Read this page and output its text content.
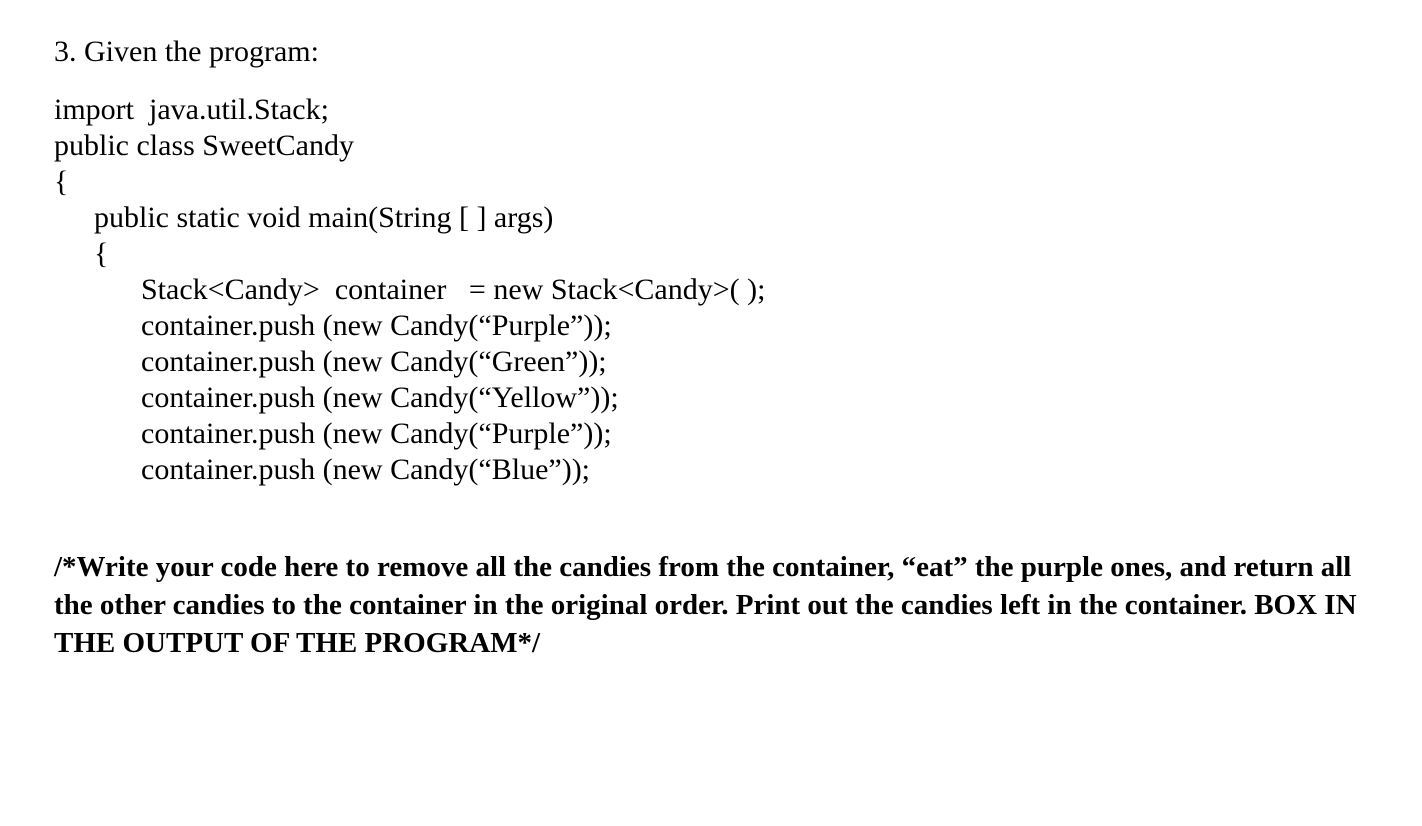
3. Given the program:
import  java.util.Stack;
public class SweetCandy
{
public static void main(String [ ] args)
{
Stack<Candy>  container   = new Stack<Candy>( );
container.push (new Candy(“Purple”));
container.push (new Candy(“Green”));
container.push (new Candy(“Yellow”));
container.push (new Candy(“Purple”));
container.push (new Candy(“Blue”));
/*Write your code here to remove all the candies from the container, “eat” the purple ones, and return all the other candies to the container in the original order. Print out the candies left in the container. BOX IN THE OUTPUT OF THE PROGRAM*/
